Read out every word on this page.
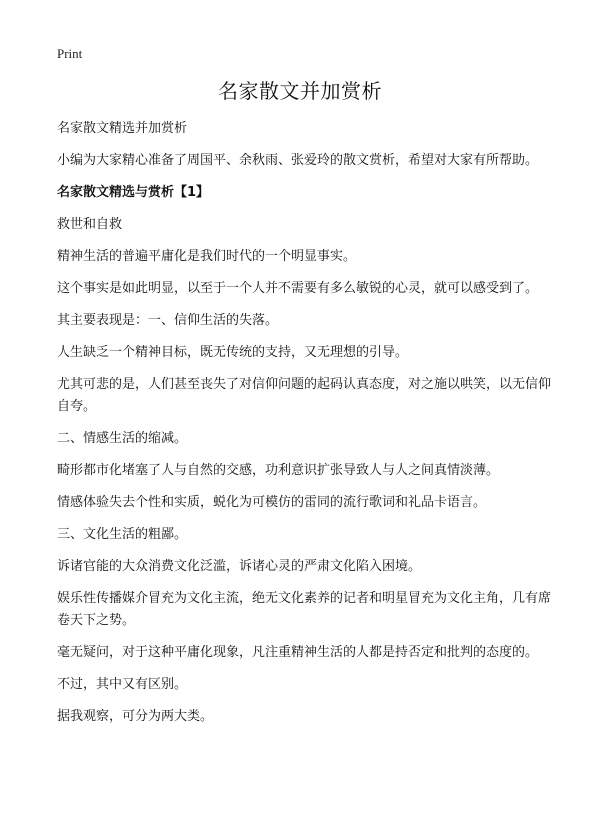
Print
名家散文并加赏析

名家散文精选并加赏析

小编为大家精心准备了周国平、余秋雨、张爱玲的散文赏析，希望对大家有所帮助。

名家散文精选与赏析【1】

救世和自救

精神生活的普遍平庸化是我们时代的一个明显事实。

这个事实是如此明显，以至于一个人并不需要有多么敏锐的心灵，就可以感受到了。

其主要表现是：一、信仰生活的失落。

人生缺乏一个精神目标，既无传统的支持，又无理想的引导。

尤其可悲的是，人们甚至丧失了对信仰问题的起码认真态度，对之施以哄笑，以无信仰自夸。

二、情感生活的缩减。

畸形都市化堵塞了人与自然的交感，功利意识扩张导致人与人之间真情淡薄。

情感体验失去个性和实质，蜕化为可模仿的雷同的流行歌词和礼品卡语言。

三、文化生活的粗鄙。

诉诸官能的大众消费文化泛滥，诉诸心灵的严肃文化陷入困境。

娱乐性传播媒介冒充为文化主流，绝无文化素养的记者和明星冒充为文化主角，几有席卷天下之势。

毫无疑问，对于这种平庸化现象，凡注重精神生活的人都是持否定和批判的态度的。

不过，其中又有区别。

据我观察，可分为两大类。
